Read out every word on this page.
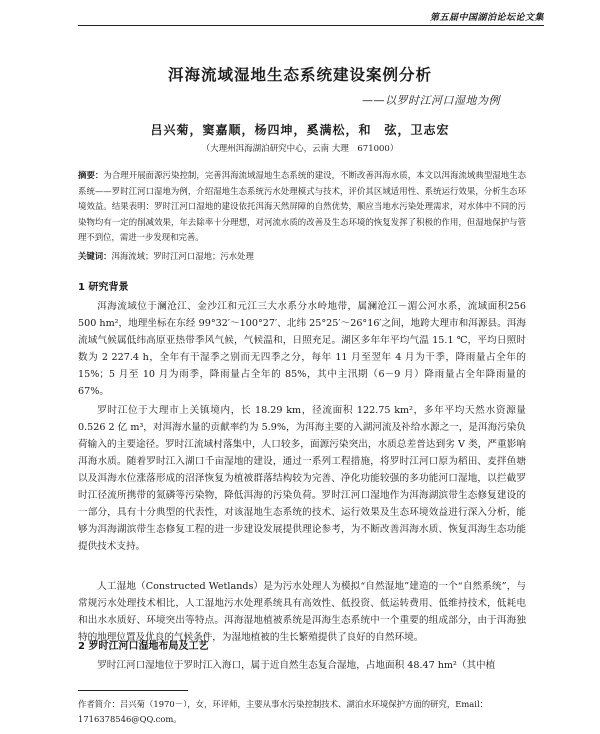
第五届中国湖泊论坛论文集
洱海流域湿地生态系统建设案例分析
——以罗时江河口湿地为例
吕兴菊，窦嘉顺，杨四坤，奚满松，和　弦，卫志宏
（大理州洱海湖泊研究中心，云南 大理　671000）
摘要：为合理开展面源污染控制，完善洱海流域湿地生态系统的建设，不断改善洱海水质，本文以洱海流域典型湿地生态系统——罗时江河口湿地为例，介绍湿地生态系统污水处理模式与技术，评价其区域适用性、系统运行效果，分析生态环境效益。结果表明：罗时江河口湿地的建设依托洱海天然屏障的自然优势，顺应当地水污染处理需求，对水体中不同的污染物均有一定的削减效果，年去除率十分理想，对河流水质的改善及生态环境的恢复发挥了积极的作用，但湿地保护与管理不到位，需进一步发现和完善。
关键词：洱海流域；罗时江河口湿地；污水处理
1 研究背景
洱海流域位于澜沧江、金沙江和元江三大水系分水岭地带，属澜沧江－湄公河水系，流域面积256 500 hm²，地理坐标在东经 99°32′～100°27′、北纬 25°25′～26°16′之间，地跨大理市和洱源县。洱海流域气候属低纬高原亚热带季风气候，气候温和，日照充足。湖区多年年平均气温 15.1 ℃，平均日照时数为 2 227.4 h，全年有干湿季之别而无四季之分，每年 11 月至翌年 4 月为干季，降雨量占全年的 15%；5 月至 10 月为雨季，降雨量占全年的 85%，其中主汛期（6－9 月）降雨量占全年降雨量的 67%。
罗时江位于大理市上关镇境内，长 18.29 km，径流面积 122.75 km²，多年平均天然水资源量 0.526 2 亿 m³，对洱海水量的贡献率约为 5.9%，为洱海主要的入湖河流及补给水源之一，是洱海污染负荷输入的主要途径。罗时江流域村落集中，人口较多，面源污染突出，水质总差普达到劣 V 类，严重影响洱海水质。随着罗时江入湖口千亩湿地的建设，通过一系列工程措施，将罗时江河口原为稻田、麦拌鱼塘以及洱海水位涨落形成的沼泽恢复为植被群落结构较为完善、净化功能较强的多功能河口湿地，以拦截罗时江径流所携带的氮磷等污染物，降低洱海的污染负荷。罗时江河口湿地作为洱海湖滨带生态修复建设的一部分，具有十分典型的代表性，对该湿地生态系统的技术、运行效果及生态环境效益进行深入分析，能够为洱海湖滨带生态修复工程的进一步建设发展提供理论参考，为不断改善洱海水质、恢复洱海生态功能提供技术支持。
人工湿地（Constructed Wetlands）是为污水处理人为模拟“自然湿地”建造的一个“自然系统”，与常规污水处理技术相比，人工湿地污水处理系统具有高效性、低投资、低运转费用、低维持技术，低耗电和出水水质好、环境突出等特点。洱海湿地植被系统是洱海生态系统中一个重要的组成部分，由于洱海独特的地理位置及优良的气候条件，为湿地植被的生长繁殖提供了良好的自然环境。
2 罗时江河口湿地布局及工艺
罗时江河口湿地位于罗时江入海口，属于近自然生态复合湿地，占地面积 48.47 hm²（其中植
作者简介：吕兴菊（1970－），女，环评师，主要从事水污染控制技术、湖泊水环境保护方面的研究，Email：1716378546@QQ.com。
